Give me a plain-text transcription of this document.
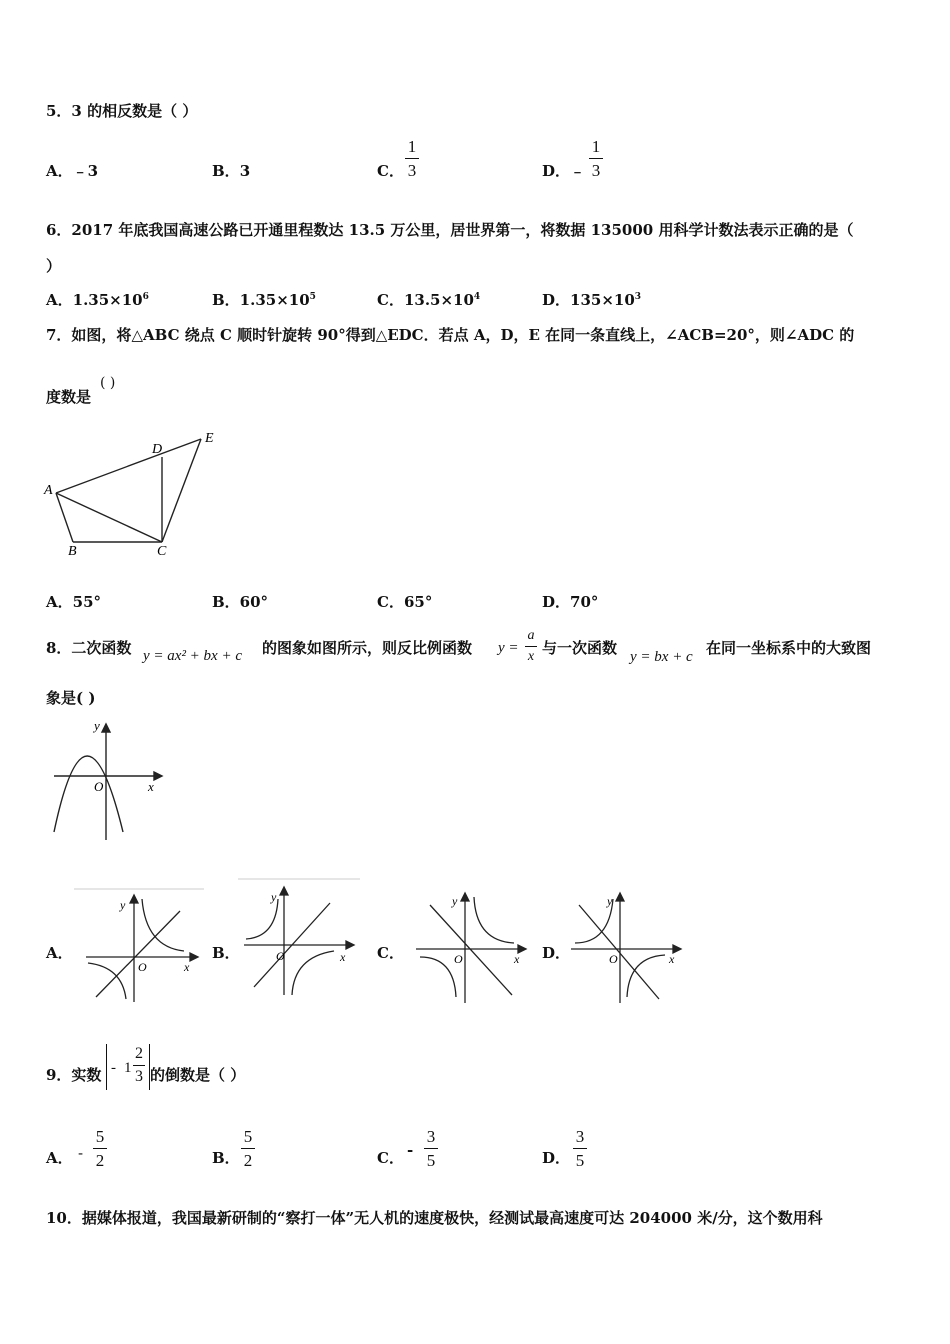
5．3 的相反数是（ ）
A．﹣3	B．3	C．
1
3	D．﹣
1
3
6．2017 年底我国高速公路已开通里程数达 13.5 万公里，居世界第一，将数据 135000 用科学计数法表示正确的是（
）
A．$1.35\times 10^6$	B．$1.35\times 10^5$	C．$13.5\times 10^4$	D．$135\times 10^3$
7．如图，将△ABC 绕点 C 顺时针旋转 90°得到△EDC．若点 A，D，E 在同一条直线上，∠ACB=20°，则∠ADC 的
度数是
( )
A
B	C
D
E
A．55°	B．60°	C．65°	D．70°
8．二次函数 y = ax² + bx + c 的图象如图所示，则反比例函数 y =
a
x 与一次函数 y = bx + c 在同一坐标系中的大致图
象是( )
y
x
O
A．
y
x
O
B．
y
x
O	C．
y
x
O	D．
y
x
O
9．实数 - 1
2
3 的倒数是（ ）
A． -
5
2	B．
5
2	C． -
3
5	D．
3
5
10．据媒体报道，我国最新研制的“察打一体”无人机的速度极快，经测试最高速度可达 204000 米/分，这个数用科
